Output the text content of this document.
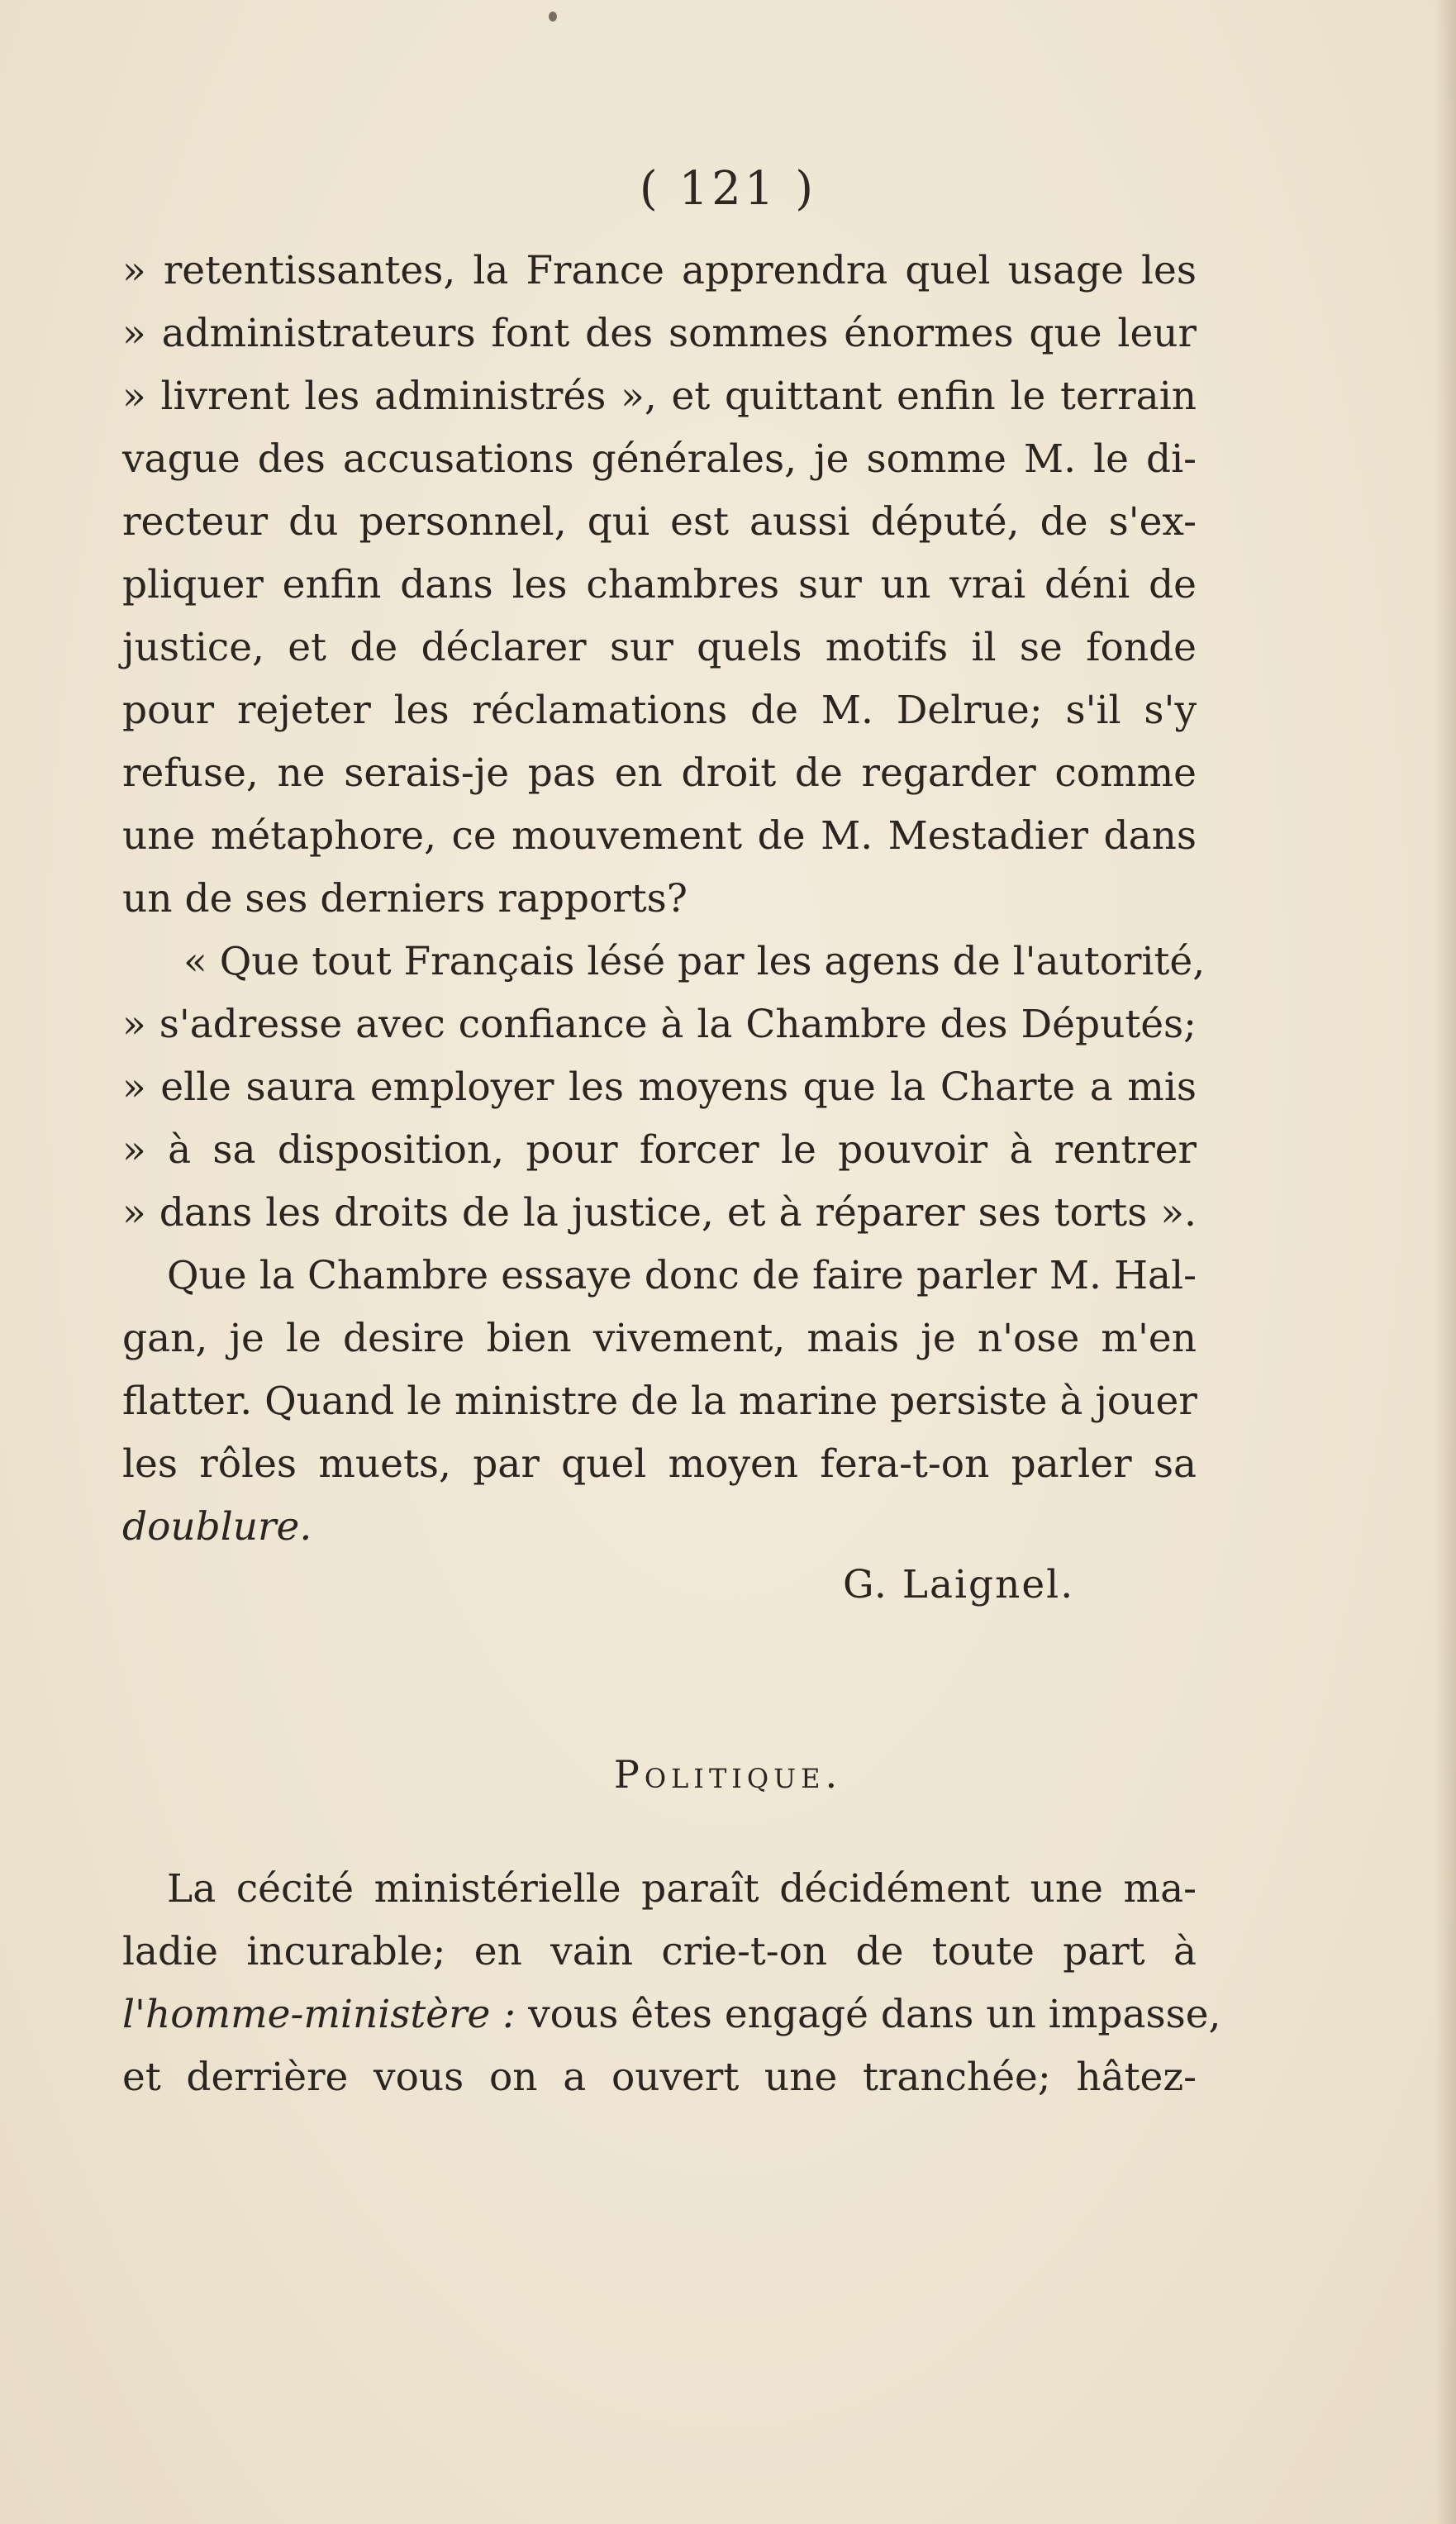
( 121 )
» retentissantes, la France apprendra quel usage les
» administrateurs font des sommes énormes que leur
» livrent les administrés », et quittant enfin le terrain
vague des accusations générales, je somme M. le di-
recteur du personnel, qui est aussi député, de s'ex-
pliquer enfin dans les chambres sur un vrai déni de
justice, et de déclarer sur quels motifs il se fonde
pour rejeter les réclamations de M. Delrue; s'il s'y
refuse, ne serais-je pas en droit de regarder comme
une métaphore, ce mouvement de M. Mestadier dans
un de ses derniers rapports?
« Que tout Français lésé par les agens de l'autorité,
» s'adresse avec confiance à la Chambre des Députés;
» elle saura employer les moyens que la Charte a mis
» à sa disposition, pour forcer le pouvoir à rentrer
» dans les droits de la justice, et à réparer ses torts ».
Que la Chambre essaye donc de faire parler M. Hal-
gan, je le desire bien vivement, mais je n'ose m'en
flatter. Quand le ministre de la marine persiste à jouer
les rôles muets, par quel moyen fera-t-on parler sa
doublure.
G. Laignel.
Politique.
La cécité ministérielle paraît décidément une ma-
ladie incurable; en vain crie-t-on de toute part à
l'homme-ministère : vous êtes engagé dans un impasse,
et derrière vous on a ouvert une tranchée; hâtez-
